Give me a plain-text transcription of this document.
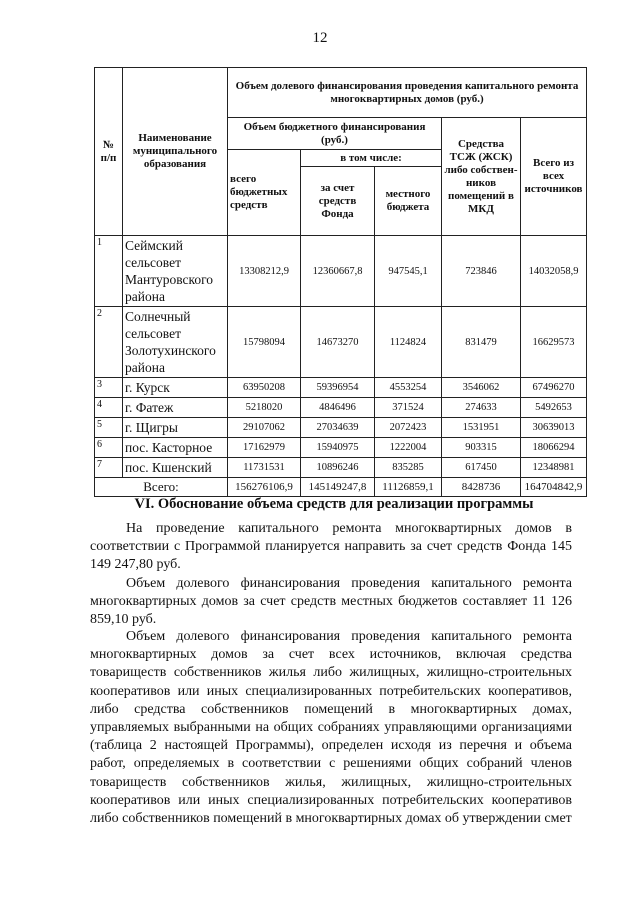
12
№ п/п	Наименование муниципального образования	Объем долевого финансирования проведения капитального ремонта многоквартирных домов (руб.)				
		Объем бюджетного финансирования (руб.)			Средства ТСЖ (ЖСК) либо собствен-ников помещений в МКД	Всего из всех источников
		всего бюджетных средств	в том числе:			
			за счет средств Фонда	местного бюджета		
1	Сеймский сельсовет Мантуровского района	13308212,9	12360667,8	947545,1	723846	14032058,9
2	Солнечный сельсовет Золотухинского района	15798094	14673270	1124824	831479	16629573
3	г. Курск	63950208	59396954	4553254	3546062	67496270
4	г. Фатеж	5218020	4846496	371524	274633	5492653
5	г. Щигры	29107062	27034639	2072423	1531951	30639013
6	пос. Касторное	17162979	15940975	1222004	903315	18066294
7	пос. Кшенский	11731531	10896246	835285	617450	12348981
Всего:		156276106,9	145149247,8	11126859,1	8428736	164704842,9
VI. Обоснование объема средств для реализации программы

На проведение капитального ремонта многоквартирных домов в соответствии с Программой планируется направить за счет средств Фонда 145 149 247,80 руб.

Объем долевого финансирования проведения капитального ремонта многоквартирных домов за счет средств местных бюджетов составляет 11 126 859,10 руб.

Объем долевого финансирования проведения капитального ремонта многоквартирных домов за счет всех источников, включая средства товариществ собственников жилья либо жилищных, жилищно-строительных кооперативов или иных специализированных потребительских кооперативов, либо средства собственников помещений в многоквартирных домах, управляемых выбранными на общих собраниях управляющими организациями (таблица 2 настоящей Программы), определен исходя из перечня и объема работ, определяемых в соответствии с решениями общих собраний членов товариществ собственников жилья, жилищных, жилищно-строительных кооперативов или иных специализированных потребительских кооперативов либо собственников помещений в многоквартирных домах об утверждении смет
